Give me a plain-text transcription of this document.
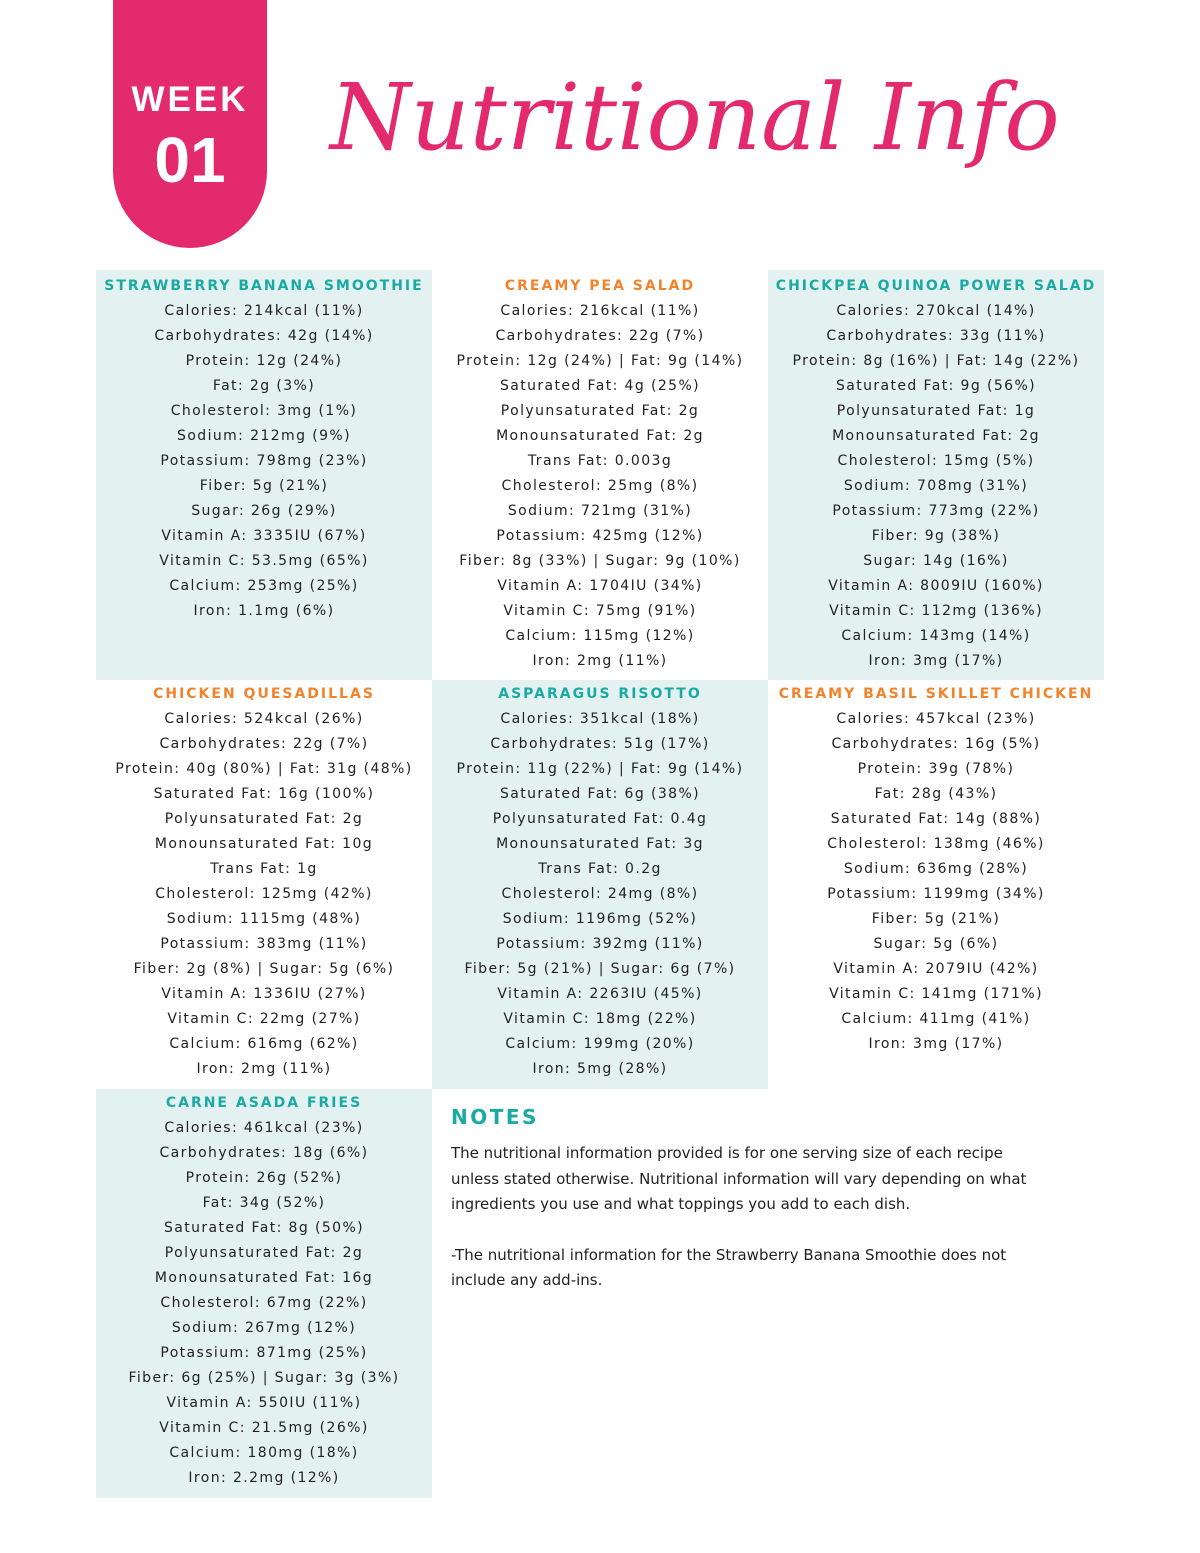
WEEK
01	Nutritional Info
STRAWBERRY BANANA SMOOTHIE
Calories: 214kcal (11%)
Carbohydrates: 42g (14%)
Protein: 12g (24%)
Fat: 2g (3%)
Cholesterol: 3mg (1%)
Sodium: 212mg (9%)
Potassium: 798mg (23%)
Fiber: 5g (21%)
Sugar: 26g (29%)
Vitamin A: 3335IU (67%)
Vitamin C: 53.5mg (65%)
Calcium: 253mg (25%)
Iron: 1.1mg (6%)
CREAMY PEA SALAD
Calories: 216kcal (11%)
Carbohydrates: 22g (7%)
Protein: 12g (24%) | Fat: 9g (14%)
Saturated Fat: 4g (25%)
Polyunsaturated Fat: 2g
Monounsaturated Fat: 2g
Trans Fat: 0.003g
Cholesterol: 25mg (8%)
Sodium: 721mg (31%)
Potassium: 425mg (12%)
Fiber: 8g (33%) | Sugar: 9g (10%)
Vitamin A: 1704IU (34%)
Vitamin C: 75mg (91%)
Calcium: 115mg (12%)
Iron: 2mg (11%)
CHICKPEA QUINOA POWER SALAD
Calories: 270kcal (14%)
Carbohydrates: 33g (11%)
Protein: 8g (16%) | Fat: 14g (22%)
Saturated Fat: 9g (56%)
Polyunsaturated Fat: 1g
Monounsaturated Fat: 2g
Cholesterol: 15mg (5%)
Sodium: 708mg (31%)
Potassium: 773mg (22%)
Fiber: 9g (38%)
Sugar: 14g (16%)
Vitamin A: 8009IU (160%)
Vitamin C: 112mg (136%)
Calcium: 143mg (14%)
Iron: 3mg (17%)
CHICKEN QUESADILLAS
Calories: 524kcal (26%)
Carbohydrates: 22g (7%)
Protein: 40g (80%) | Fat: 31g (48%)
Saturated Fat: 16g (100%)
Polyunsaturated Fat: 2g
Monounsaturated Fat: 10g
Trans Fat: 1g
Cholesterol: 125mg (42%)
Sodium: 1115mg (48%)
Potassium: 383mg (11%)
Fiber: 2g (8%) | Sugar: 5g (6%)
Vitamin A: 1336IU (27%)
Vitamin C: 22mg (27%)
Calcium: 616mg (62%)
Iron: 2mg (11%)
ASPARAGUS RISOTTO
Calories: 351kcal (18%)
Carbohydrates: 51g (17%)
Protein: 11g (22%) | Fat: 9g (14%)
Saturated Fat: 6g (38%)
Polyunsaturated Fat: 0.4g
Monounsaturated Fat: 3g
Trans Fat: 0.2g
Cholesterol: 24mg (8%)
Sodium: 1196mg (52%)
Potassium: 392mg (11%)
Fiber: 5g (21%) | Sugar: 6g (7%)
Vitamin A: 2263IU (45%)
Vitamin C: 18mg (22%)
Calcium: 199mg (20%)
Iron: 5mg (28%)
CREAMY BASIL SKILLET CHICKEN
Calories: 457kcal (23%)
Carbohydrates: 16g (5%)
Protein: 39g (78%)
Fat: 28g (43%)
Saturated Fat: 14g (88%)
Cholesterol: 138mg (46%)
Sodium: 636mg (28%)
Potassium: 1199mg (34%)
Fiber: 5g (21%)
Sugar: 5g (6%)
Vitamin A: 2079IU (42%)
Vitamin C: 141mg (171%)
Calcium: 411mg (41%)
Iron: 3mg (17%)
CARNE ASADA FRIES
Calories: 461kcal (23%)
Carbohydrates: 18g (6%)
Protein: 26g (52%)
Fat: 34g (52%)
Saturated Fat: 8g (50%)
Polyunsaturated Fat: 2g
Monounsaturated Fat: 16g
Cholesterol: 67mg (22%)
Sodium: 267mg (12%)
Potassium: 871mg (25%)
Fiber: 6g (25%) | Sugar: 3g (3%)
Vitamin A: 550IU (11%)
Vitamin C: 21.5mg (26%)
Calcium: 180mg (18%)
Iron: 2.2mg (12%)
NOTES

The nutritional information provided is for one serving size of each recipe unless stated otherwise. Nutritional information will vary depending on what ingredients you use and what toppings you add to each dish.

-The nutritional information for the Strawberry Banana Smoothie does not include any add-ins.
